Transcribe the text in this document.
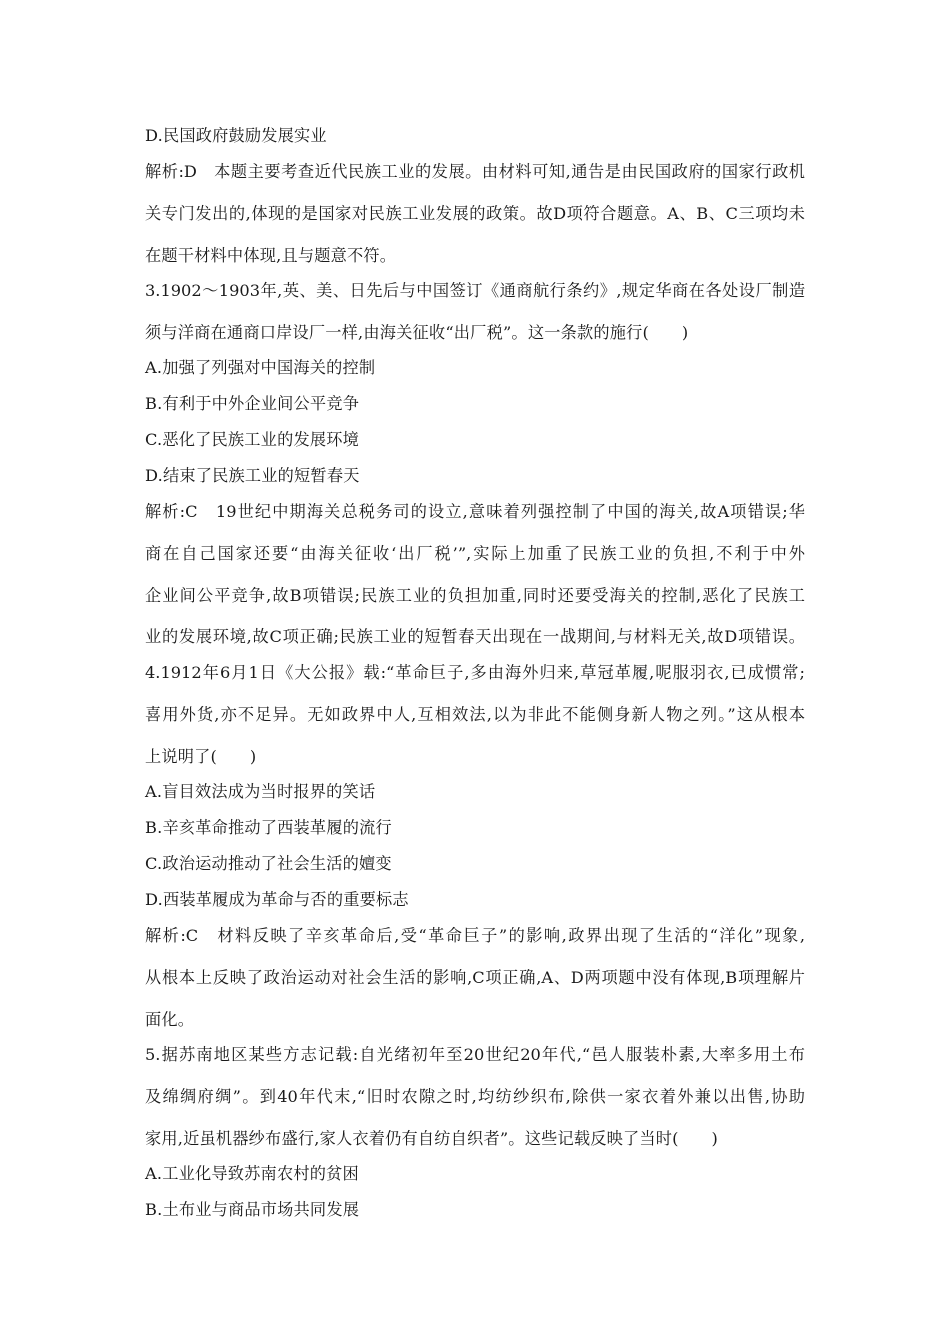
D.民国政府鼓励发展实业
解析:D　本题主要考查近代民族工业的发展。由材料可知,通告是由民国政府的国家行政机
关专门发出的,体现的是国家对民族工业发展的政策。故D项符合题意。A、B、C三项均未
在题干材料中体现,且与题意不符。
3.1902～1903年,英、美、日先后与中国签订《通商航行条约》,规定华商在各处设厂制造
须与洋商在通商口岸设厂一样,由海关征收“出厂税”。这一条款的施行(　　)
A.加强了列强对中国海关的控制
B.有利于中外企业间公平竞争
C.恶化了民族工业的发展环境
D.结束了民族工业的短暂春天
解析:C　19世纪中期海关总税务司的设立,意味着列强控制了中国的海关,故A项错误;华
商在自己国家还要“由海关征收‘出厂税’”,实际上加重了民族工业的负担,不利于中外
企业间公平竞争,故B项错误;民族工业的负担加重,同时还要受海关的控制,恶化了民族工
业的发展环境,故C项正确;民族工业的短暂春天出现在一战期间,与材料无关,故D项错误。
4.1912年6月1日《大公报》载:“革命巨子,多由海外归来,草冠革履,呢服羽衣,已成惯常;
喜用外货,亦不足异。无如政界中人,互相效法,以为非此不能侧身新人物之列。”这从根本
上说明了(　　)
A.盲目效法成为当时报界的笑话
B.辛亥革命推动了西装革履的流行
C.政治运动推动了社会生活的嬗变
D.西装革履成为革命与否的重要标志
解析:C　材料反映了辛亥革命后,受“革命巨子”的影响,政界出现了生活的“洋化”现象,
从根本上反映了政治运动对社会生活的影响,C项正确,A、D两项题中没有体现,B项理解片
面化。
5.据苏南地区某些方志记载:自光绪初年至20世纪20年代,“邑人服装朴素,大率多用土布
及绵绸府绸”。到40年代末,“旧时农隙之时,均纺纱织布,除供一家衣着外兼以出售,协助
家用,近虽机器纱布盛行,家人衣着仍有自纺自织者”。这些记载反映了当时(　　)
A.工业化导致苏南农村的贫困
B.土布业与商品市场共同发展
